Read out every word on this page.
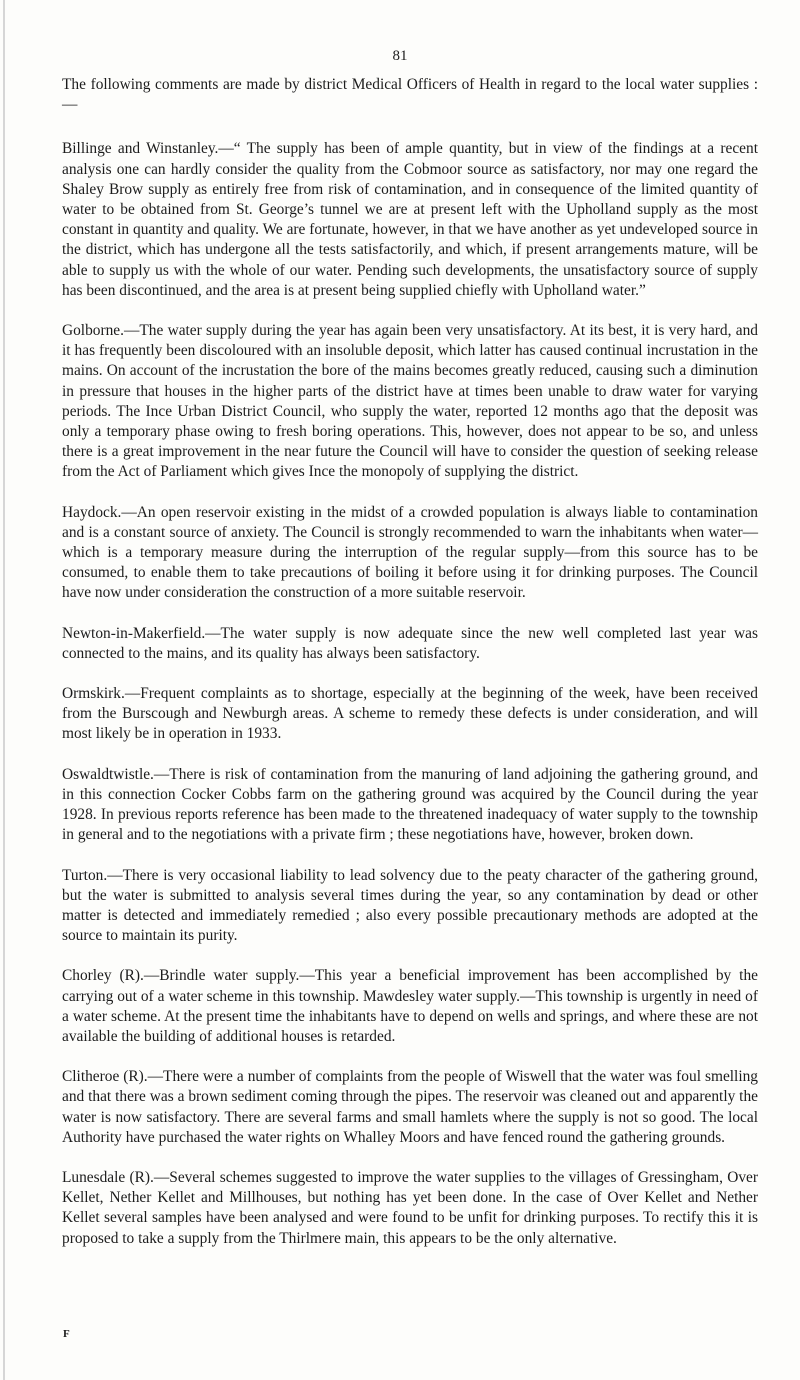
81

The following comments are made by district Medical Officers of Health in regard to the local water supplies :—

Billinge and Winstanley.—“ The supply has been of ample quantity, but in view of the findings at a recent analysis one can hardly consider the quality from the Cobmoor source as satisfactory, nor may one regard the Shaley Brow supply as entirely free from risk of contamination, and in consequence of the limited quantity of water to be obtained from St. George’s tunnel we are at present left with the Upholland supply as the most constant in quantity and quality. We are fortunate, however, in that we have another as yet undeveloped source in the district, which has undergone all the tests satisfactorily, and which, if present arrangements mature, will be able to supply us with the whole of our water. Pending such developments, the unsatisfactory source of supply has been discontinued, and the area is at present being supplied chiefly with Upholland water.”

Golborne.—The water supply during the year has again been very unsatisfactory. At its best, it is very hard, and it has frequently been discoloured with an insoluble deposit, which latter has caused continual incrustation in the mains. On account of the incrustation the bore of the mains becomes greatly reduced, causing such a diminution in pressure that houses in the higher parts of the district have at times been unable to draw water for varying periods. The Ince Urban District Council, who supply the water, reported 12 months ago that the deposit was only a temporary phase owing to fresh boring operations. This, however, does not appear to be so, and unless there is a great improvement in the near future the Council will have to consider the question of seeking release from the Act of Parliament which gives Ince the monopoly of supplying the district.

Haydock.—An open reservoir existing in the midst of a crowded population is always liable to contamination and is a constant source of anxiety. The Council is strongly recommended to warn the inhabitants when water—which is a temporary measure during the interruption of the regular supply—from this source has to be consumed, to enable them to take precautions of boiling it before using it for drinking purposes. The Council have now under consideration the construction of a more suitable reservoir.

Newton-in-Makerfield.—The water supply is now adequate since the new well completed last year was connected to the mains, and its quality has always been satisfactory.

Ormskirk.—Frequent complaints as to shortage, especially at the beginning of the week, have been received from the Burscough and Newburgh areas. A scheme to remedy these defects is under consideration, and will most likely be in operation in 1933.

Oswaldtwistle.—There is risk of contamination from the manuring of land adjoining the gathering ground, and in this connection Cocker Cobbs farm on the gathering ground was acquired by the Council during the year 1928. In previous reports reference has been made to the threatened inadequacy of water supply to the township in general and to the negotiations with a private firm ; these negotiations have, however, broken down.

Turton.—There is very occasional liability to lead solvency due to the peaty character of the gathering ground, but the water is submitted to analysis several times during the year, so any contamination by dead or other matter is detected and immediately remedied ; also every possible precautionary methods are adopted at the source to maintain its purity.

Chorley (R).—Brindle water supply.—This year a beneficial improvement has been accomplished by the carrying out of a water scheme in this township. Mawdesley water supply.—This township is urgently in need of a water scheme. At the present time the inhabitants have to depend on wells and springs, and where these are not available the building of additional houses is retarded.

Clitheroe (R).—There were a number of complaints from the people of Wiswell that the water was foul smelling and that there was a brown sediment coming through the pipes. The reservoir was cleaned out and apparently the water is now satisfactory. There are several farms and small hamlets where the supply is not so good. The local Authority have purchased the water rights on Whalley Moors and have fenced round the gathering grounds.

Lunesdale (R).—Several schemes suggested to improve the water supplies to the villages of Gressingham, Over Kellet, Nether Kellet and Millhouses, but nothing has yet been done. In the case of Over Kellet and Nether Kellet several samples have been analysed and were found to be unfit for drinking purposes. To rectify this it is proposed to take a supply from the Thirlmere main, this appears to be the only alternative.

F
